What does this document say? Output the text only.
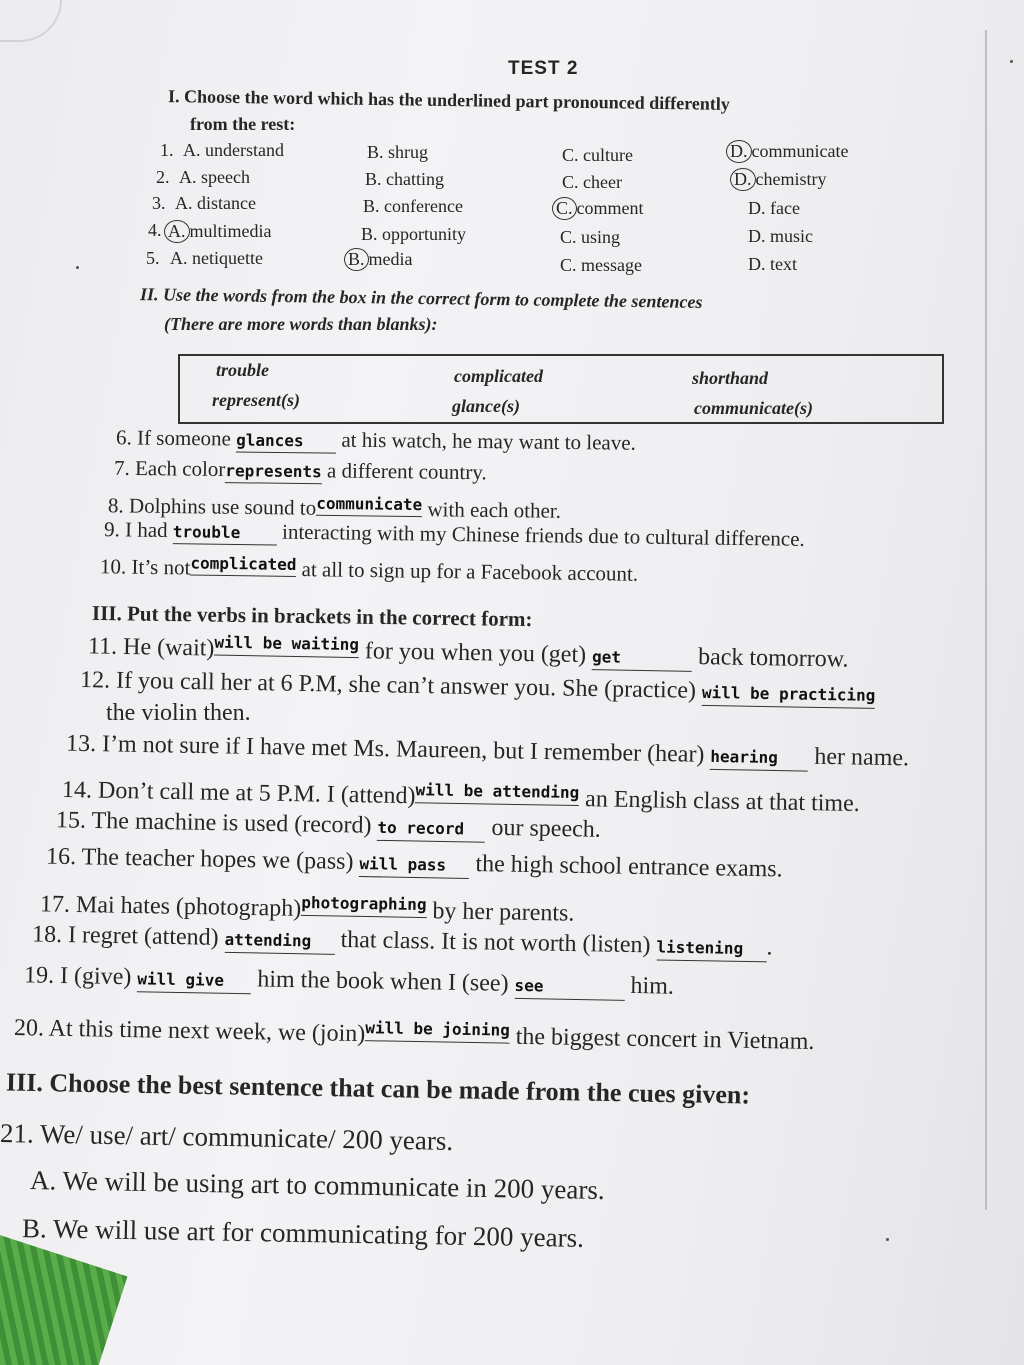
TEST 2
I. Choose the word which has the underlined part pronounced differently
from the rest:
1. A. understand	B. shrug	C. culture	D. communicate
2. A. speech	B. chatting	C. cheer	D. chemistry
3. A. distance	B. conference	C. comment	D. face
4. A. multimedia	B. opportunity	C. using	D. music
5. A. netiquette	B. media	C. message	D. text
II. Use the words from the box in the correct form to complete the sentences
(There are more words than blanks):
trouble	complicated	shorthand
represent(s)	glance(s)	communicate(s)
6. If someone glances at his watch, he may want to leave.
7. Each colorrepresents a different country.
8. Dolphins use sound tocommunicate with each other.
9. I had trouble interacting with my Chinese friends due to cultural difference.
10. It’s notcomplicated at all to sign up for a Facebook account.
III. Put the verbs in brackets in the correct form:
11. He (wait)will be waiting for you when you (get) get	back tomorrow.
12. If you call her at 6 P.M, she can’t answer you. She (practice) will be practicing
the violin then.
13. I’m not sure if I have met Ms. Maureen, but I remember (hear) hearing her name.
14. Don’t call me at 5 P.M. I (attend)will be attending an English class at that time.
15. The machine is used (record) to record our speech.
16. The teacher hopes we (pass) will pass the high school entrance exams.
17. Mai hates (photograph)photographing by her parents.
18. I regret (attend) attending that class. It is not worth (listen) listening .
19. I (give) will give him the book when I (see) see	him.
20. At this time next week, we (join)will be joining the biggest concert in Vietnam.
III. Choose the best sentence that can be made from the cues given:
21. We/ use/ art/ communicate/ 200 years.
A. We will be using art to communicate in 200 years.
B. We will use art for communicating for 200 years.
